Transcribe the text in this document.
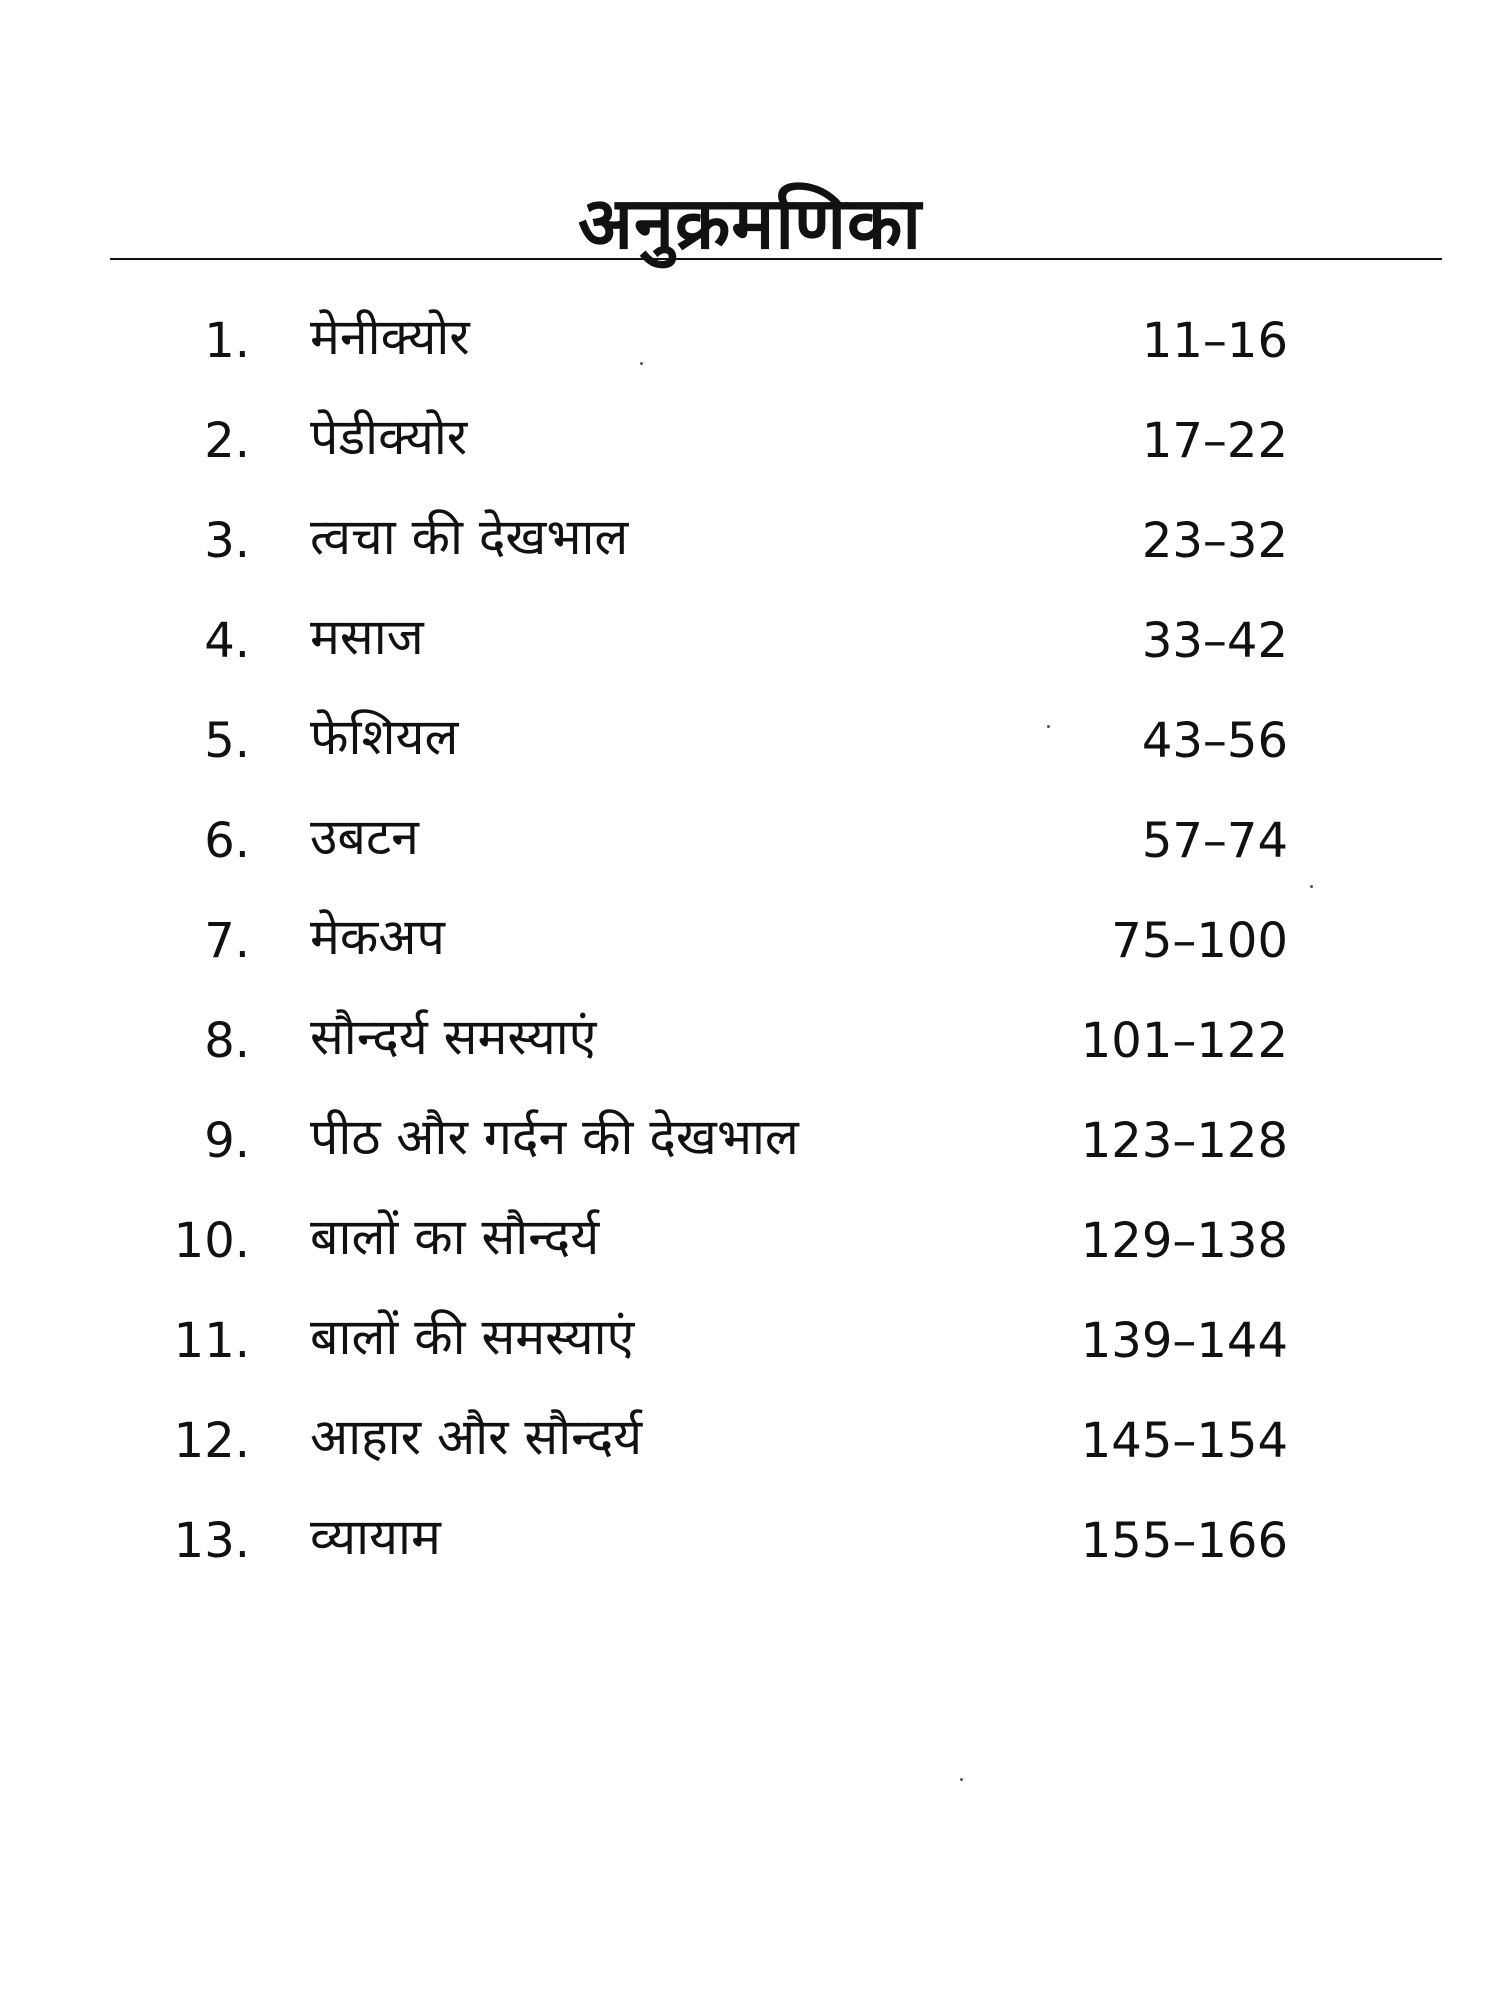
अनुक्रमणिका
1. मेनीक्योर	11–16
2. पेडीक्योर	17–22
3. त्वचा की देखभाल	23–32
4. मसाज	33–42
5. फेशियल	43–56
6. उबटन	57–74
7. मेकअप	75–100
8. सौन्दर्य समस्याएं	101–122
9. पीठ और गर्दन की देखभाल	123–128
10. बालों का सौन्दर्य	129–138
11. बालों की समस्याएं	139–144
12. आहार और सौन्दर्य	145–154
13. व्यायाम	155–166
